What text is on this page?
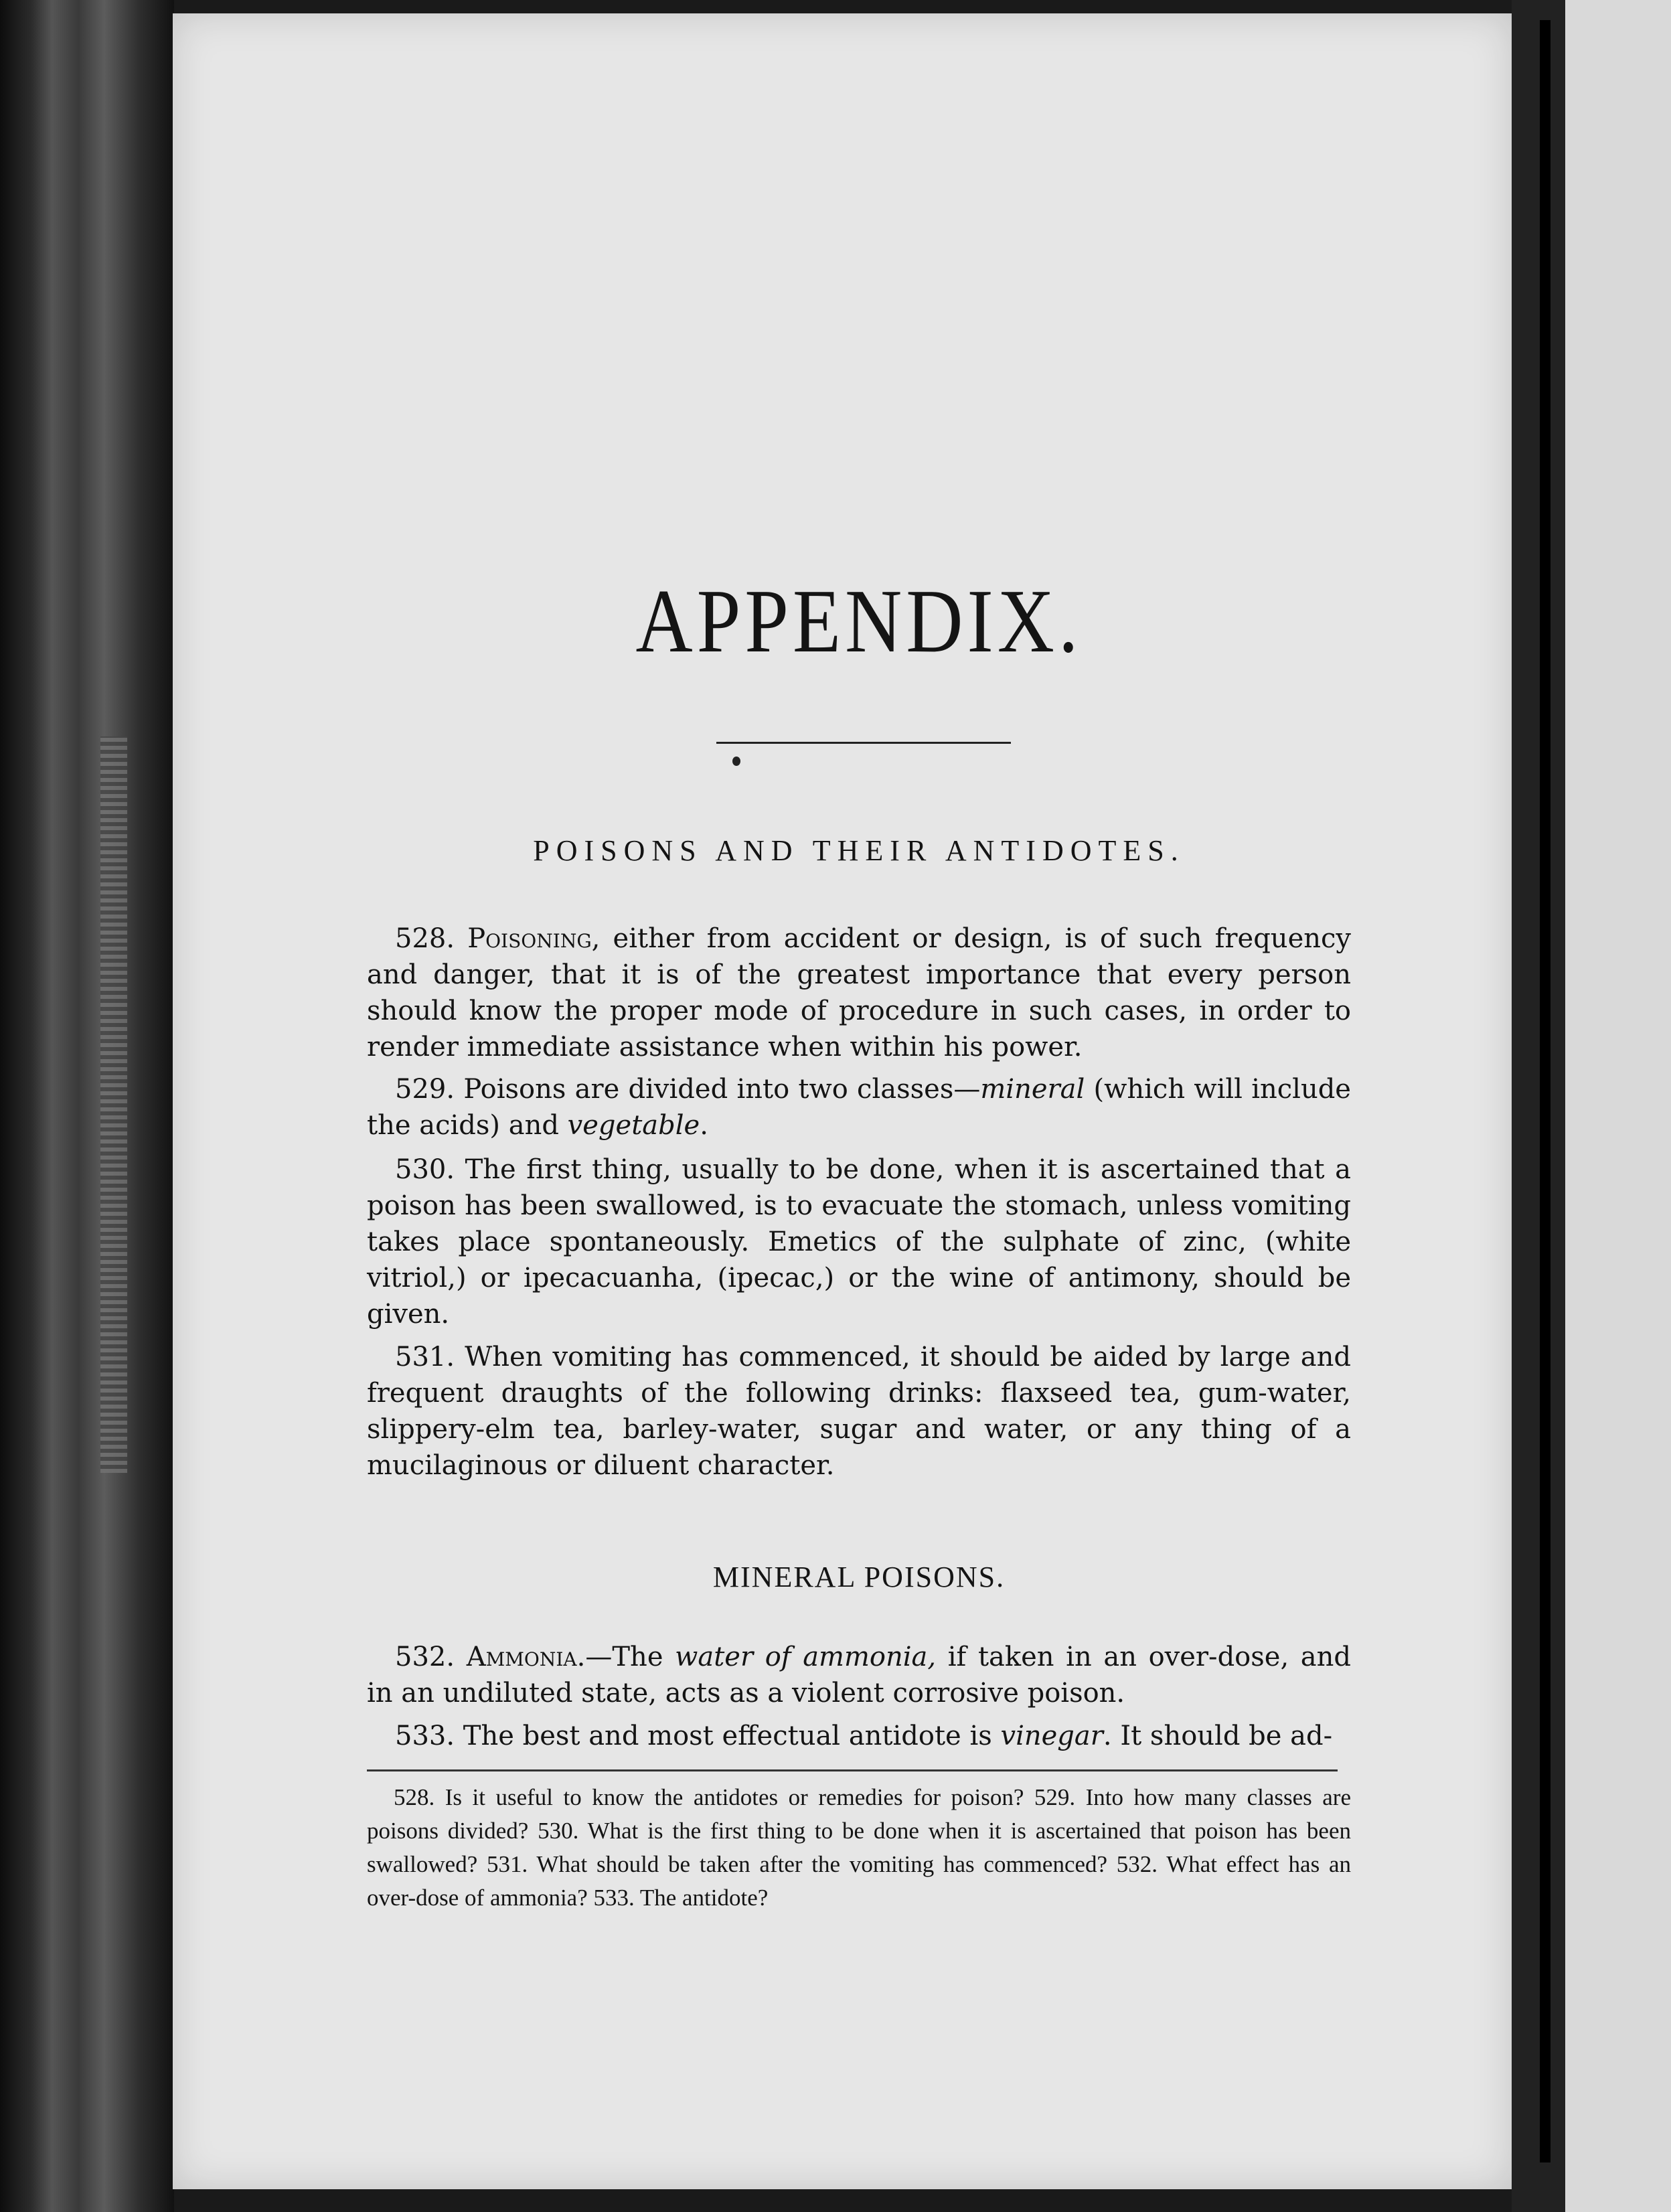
APPENDIX.
POISONS AND THEIR ANTIDOTES.
528. Poisoning, either from accident or design, is of such frequency and danger, that it is of the greatest importance that every person should know the proper mode of procedure in such cases, in order to render immediate assistance when within his power.
529. Poisons are divided into two classes—mineral (which will include the acids) and vegetable.
530. The first thing, usually to be done, when it is ascertained that a poison has been swallowed, is to evacuate the stomach, unless vomiting takes place spontaneously. Emetics of the sulphate of zinc, (white vitriol,) or ipecacuanha, (ipecac,) or the wine of antimony, should be given.
531. When vomiting has commenced, it should be aided by large and frequent draughts of the following drinks: flaxseed tea, gum-water, slippery-elm tea, barley-water, sugar and water, or any thing of a mucilaginous or diluent character.
MINERAL POISONS.
532. Ammonia.—The water of ammonia, if taken in an over-dose, and in an undiluted state, acts as a violent corrosive poison.
533. The best and most effectual antidote is vinegar. It should be ad-
528. Is it useful to know the antidotes or remedies for poison? 529. Into how many classes are poisons divided? 530. What is the first thing to be done when it is ascertained that poison has been swallowed? 531. What should be taken after the vomiting has commenced? 532. What effect has an over-dose of ammonia? 533. The antidote?
